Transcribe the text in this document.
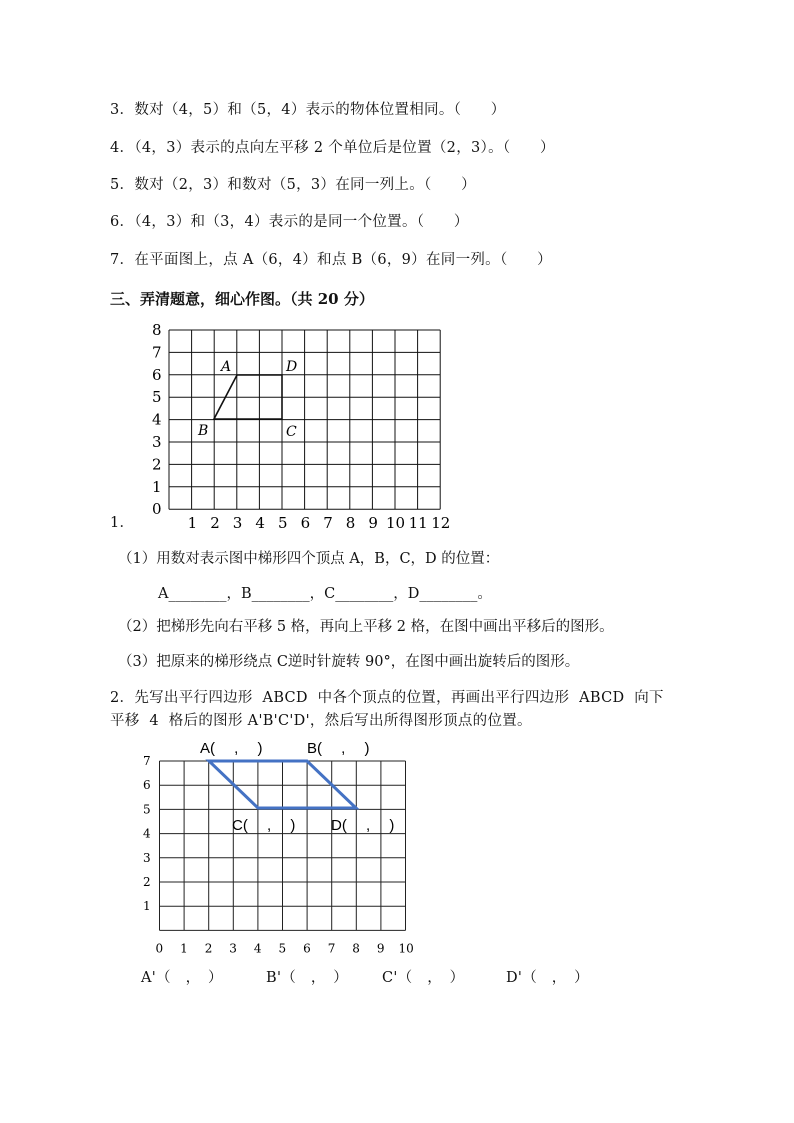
3．数对（4，5）和（5，4）表示的物体位置相同。（　　）
4．（4，3）表示的点向左平移 2 个单位后是位置（2，3）。（　　）
5．数对（2，3）和数对（5，3）在同一列上。（　　）
6．（4，3）和（3，4）表示的是同一个位置。（　　）
7．在平面图上，点 A（6，4）和点 B（6，9）在同一列。（　　）
三、弄清题意，细心作图。（共 20 分）
A	D
B	C
0
1
2
3
4
5
6
7
8
1 2 3 4 5 6 7 8 9 10 11 12
1．
（1）用数对表示图中梯形四个顶点 A，B，C，D 的位置：
A________，B________，C________，D________。
（2）把梯形先向右平移 5 格，再向上平移 2 格，在图中画出平移后的图形。
（3）把原来的梯形绕点 C逆时针旋转 90°，在图中画出旋转后的图形。
2．先写出平行四边形  ABCD  中各个顶点的位置，再画出平行四边形  ABCD  向下
平移  4  格后的图形 A'B'C'D'，然后写出所得图形顶点的位置。
A(　 ,　 )	B(　 ,　 )
C(　 ,　 ) D(　 ,　 )
1
2
3
4
5
6
7
0 1 2 3 4 5 6 7 8 9 10
A'（　，　）	B'（　，　） C'（　，　）	D'（　，　）
